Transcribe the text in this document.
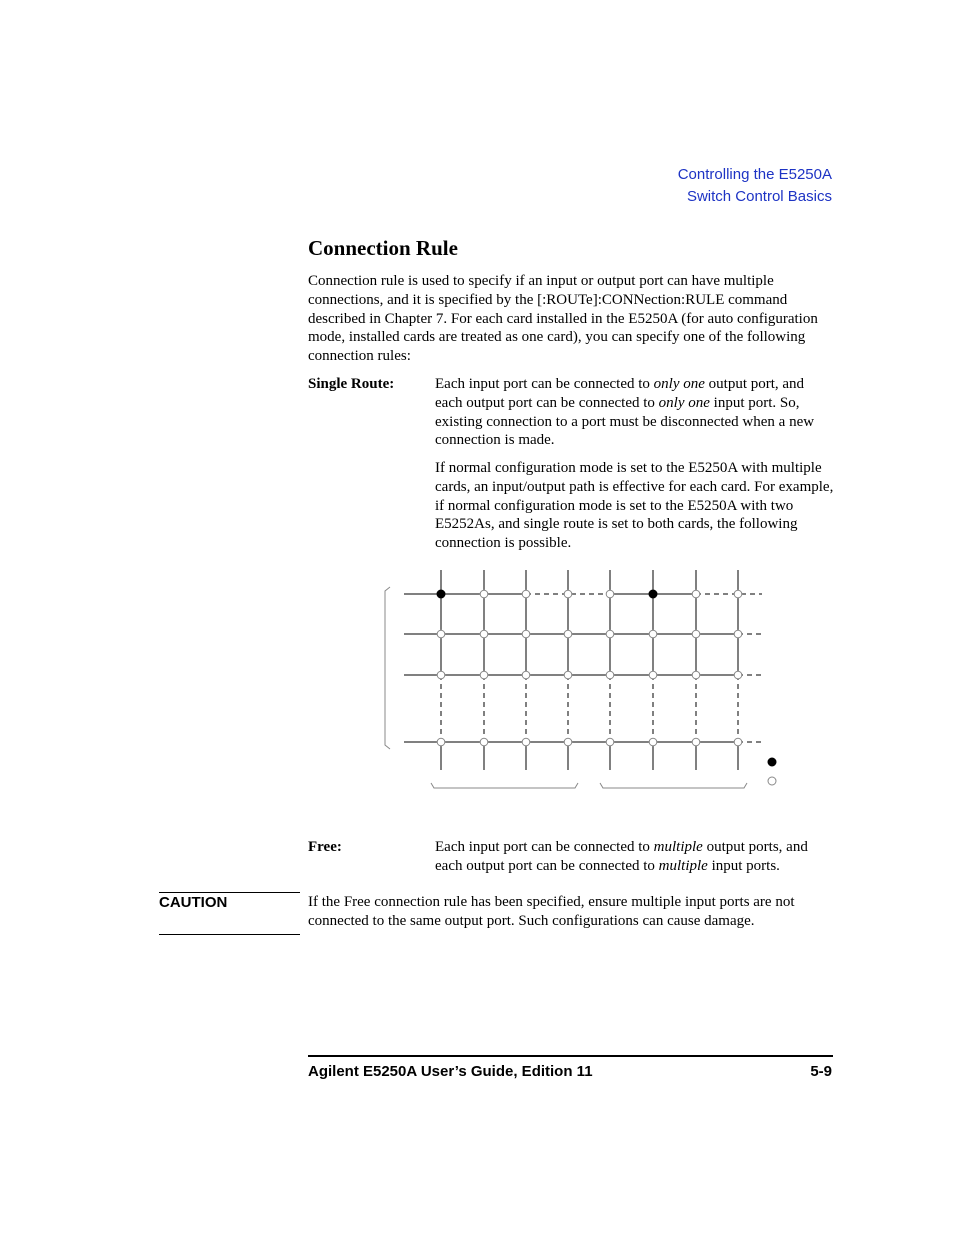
Controlling the E5250A
Switch Control Basics
Connection Rule

Connection rule is used to specify if an input or output port can have multiple connections, and it is specified by the [:ROUTe]:CONNection:RULE command described in Chapter 7. For each card installed in the E5250A (for auto configuration mode, installed cards are treated as one card), you can specify one of the following connection rules:

Single Route:	Each input port can be connected to only one output port, and each output port can be connected to only one input port. So, existing connection to a port must be disconnected when a new connection is made.

If normal configuration mode is set to the E5250A with multiple cards, an input/output path is effective for each card. For example, if normal configuration mode is set to the E5250A with two E5252As, and single route is set to both cards, the following connection is possible.

Free:	Each input port can be connected to multiple output ports, and each output port can be connected to multiple input ports.

CAUTION	If the Free connection rule has been specified, ensure multiple input ports are not connected to the same output port. Such configurations can cause damage.

Agilent E5250A User’s Guide, Edition 11	5-9
